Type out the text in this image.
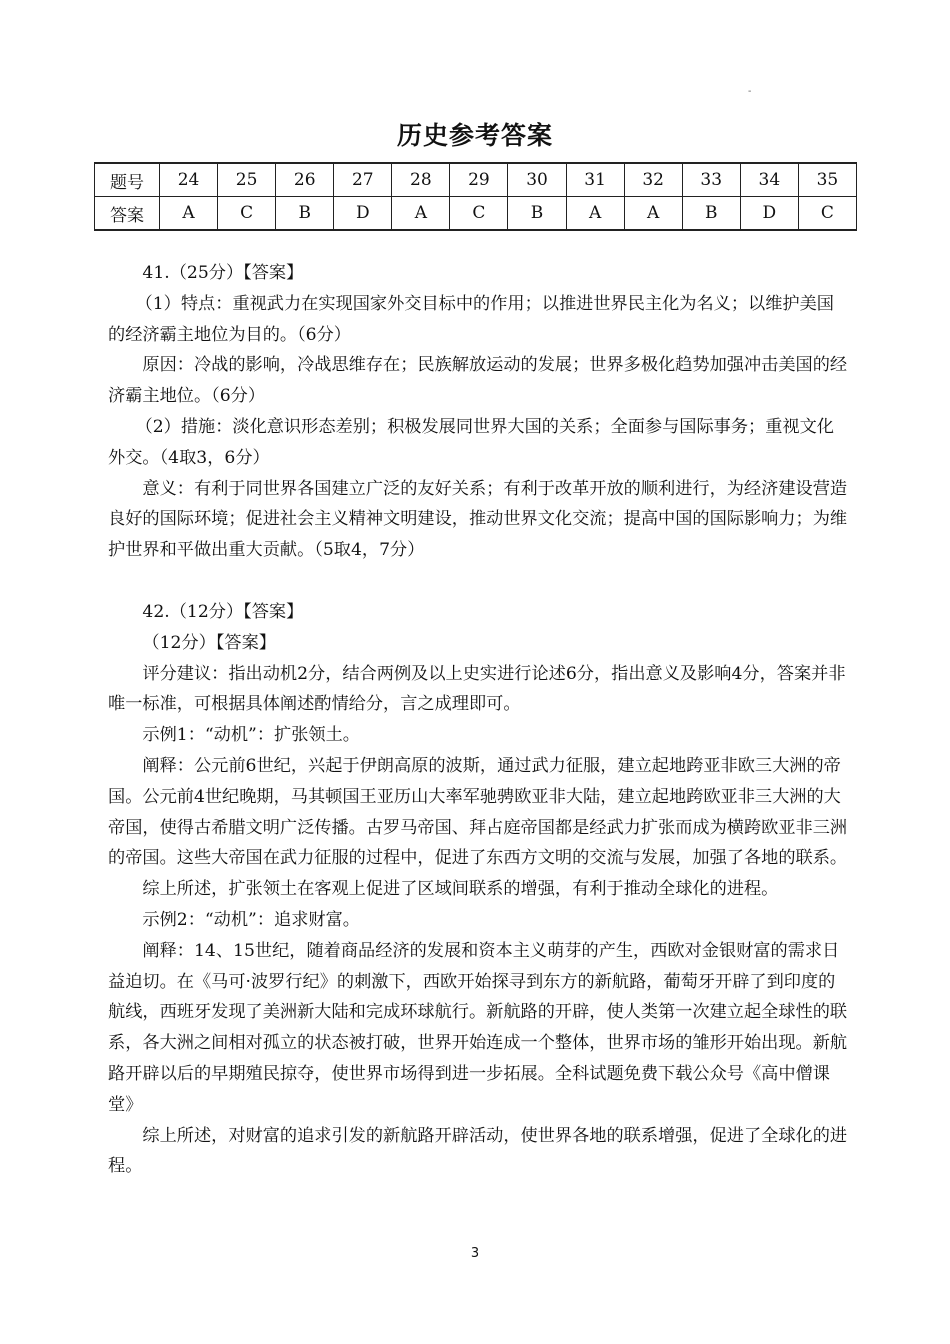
-
历史参考答案
题号	24	25	26	27	28	29	30	31	32	33	34	35
答案	A	C	B	D	A	C	B	A	A	B	D	C

41.（25分）【答案】

（1）特点：重视武力在实现国家外交目标中的作用；以推进世界民主化为名义；以维护美国的经济霸主地位为目的。（6分）

原因：冷战的影响，冷战思维存在；民族解放运动的发展；世界多极化趋势加强冲击美国的经济霸主地位。（6分）

（2）措施：淡化意识形态差别；积极发展同世界大国的关系；全面参与国际事务；重视文化外交。（4取3，6分）

意义：有利于同世界各国建立广泛的友好关系；有利于改革开放的顺利进行，为经济建设营造良好的国际环境；促进社会主义精神文明建设，推动世界文化交流；提高中国的国际影响力；为维护世界和平做出重大贡献。（5取4，7分）

42.（12分）【答案】

（12分）【答案】

评分建议：指出动机2分，结合两例及以上史实进行论述6分，指出意义及影响4分，答案并非唯一标准，可根据具体阐述酌情给分，言之成理即可。

示例1：“动机”：扩张领土。

阐释：公元前6世纪，兴起于伊朗高原的波斯，通过武力征服，建立起地跨亚非欧三大洲的帝国。公元前4世纪晚期，马其顿国王亚历山大率军驰骋欧亚非大陆，建立起地跨欧亚非三大洲的大帝国，使得古希腊文明广泛传播。古罗马帝国、拜占庭帝国都是经武力扩张而成为横跨欧亚非三洲的帝国。这些大帝国在武力征服的过程中，促进了东西方文明的交流与发展，加强了各地的联系。

综上所述，扩张领土在客观上促进了区域间联系的增强，有利于推动全球化的进程。

示例2：“动机”：追求财富。

阐释：14、15世纪，随着商品经济的发展和资本主义萌芽的产生，西欧对金银财富的需求日益迫切。在《马可·波罗行纪》的刺激下，西欧开始探寻到东方的新航路，葡萄牙开辟了到印度的航线，西班牙发现了美洲新大陆和完成环球航行。新航路的开辟，使人类第一次建立起全球性的联系，各大洲之间相对孤立的状态被打破，世界开始连成一个整体，世界市场的雏形开始出现。新航路开辟以后的早期殖民掠夺，使世界市场得到进一步拓展。全科试题免费下载公众号《高中僧课堂》

综上所述，对财富的追求引发的新航路开辟活动，使世界各地的联系增强，促进了全球化的进程。

3
